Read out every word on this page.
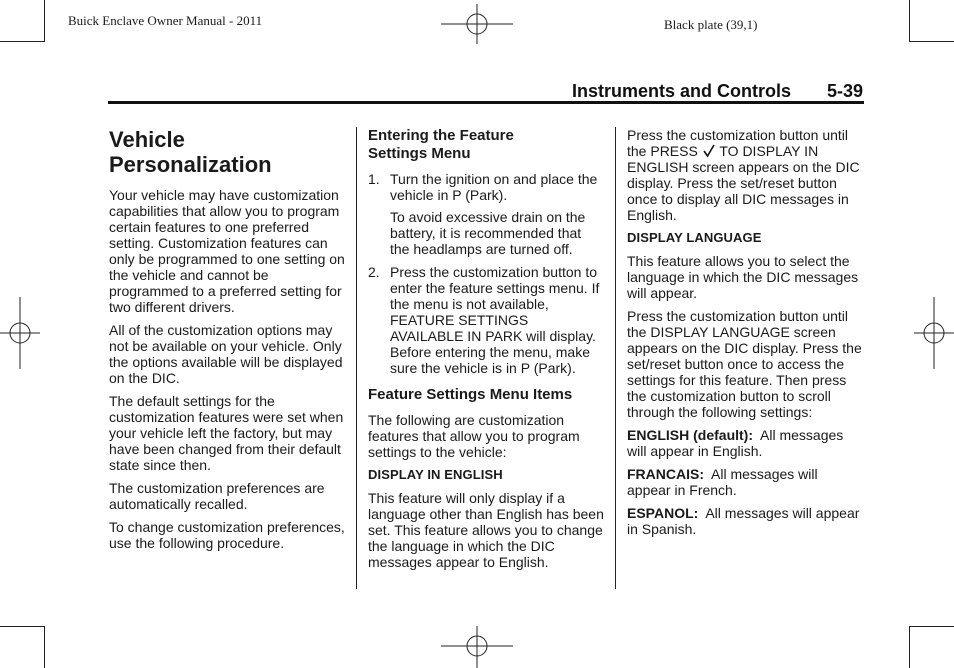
Buick Enclave Owner Manual - 2011	Black plate (39,1)
Instruments and Controls 5-39
Vehicle
Personalization

Your vehicle may have customization capabilities that allow you to program certain features to one preferred setting. Customization features can only be programmed to one setting on the vehicle and cannot be programmed to a preferred setting for two different drivers.

All of the customization options may not be available on your vehicle. Only the options available will be displayed on the DIC.

The default settings for the customization features were set when your vehicle left the factory, but may have been changed from their default state since then.

The customization preferences are automatically recalled.

To change customization preferences, use the following procedure.

Entering the Feature
Settings Menu
1. Turn the ignition on and place the vehicle in P (Park).

To avoid excessive drain on the battery, it is recommended that the headlamps are turned off.

2. Press the customization button to enter the feature settings menu. If the menu is not available, FEATURE SETTINGS AVAILABLE IN PARK will display. Before entering the menu, make sure the vehicle is in P (Park).
Feature Settings Menu Items

The following are customization features that allow you to program settings to the vehicle:

DISPLAY IN ENGLISH

This feature will only display if a language other than English has been set. This feature allows you to change the language in which the DIC messages appear to English.

Press the customization button until
the PRESS TO DISPLAY IN ENGLISH screen appears on the DIC display. Press the set/reset button once to display all DIC messages in English.

DISPLAY LANGUAGE

This feature allows you to select the language in which the DIC messages will appear.

Press the customization button until the DISPLAY LANGUAGE screen appears on the DIC display. Press the set/reset button once to access the settings for this feature. Then press the customization button to scroll through the following settings:

ENGLISH (default): All messages will appear in English.

FRANCAIS: All messages will appear in French.

ESPANOL: All messages will appear in Spanish.
